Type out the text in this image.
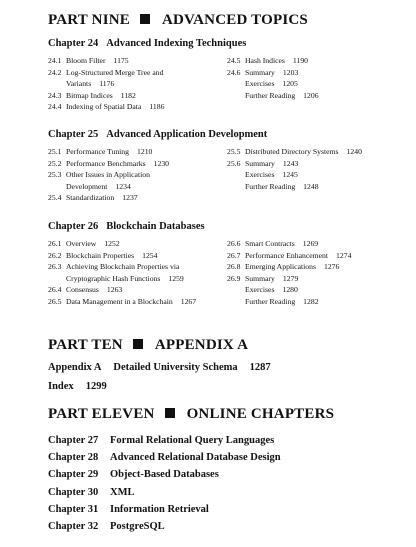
PART NINE ADVANCED TOPICS
Chapter 24 Advanced Indexing Techniques
24.1 Bloom Filter 1175
24.2 Log-Structured Merge Tree and
Variants 1176
24.3 Bitmap Indices 1182
24.4 Indexing of Spatial Data 1186
24.5 Hash Indices 1190
24.6 Summary 1203
Exercises 1205
Further Reading 1206
Chapter 25 Advanced Application Development
25.1 Performance Tuning 1210
25.2 Performance Benchmarks 1230
25.3 Other Issues in Application
Development 1234
25.4 Standardization 1237
25.5 Distributed Directory Systems 1240
25.6 Summary 1243
Exercises 1245
Further Reading 1248
Chapter 26 Blockchain Databases
26.1 Overview 1252
26.2 Blockchain Properties 1254
26.3 Achieving Blockchain Properties via
Cryptographic Hash Functions 1259
26.4 Consensus 1263
26.5 Data Management in a Blockchain 1267
26.6 Smart Contracts 1269
26.7 Performance Enhancement 1274
26.8 Emerging Applications 1276
26.9 Summary 1279
Exercises 1280
Further Reading 1282
PART TEN APPENDIX A

Appendix A Detailed University Schema 1287

Index 1299

PART ELEVEN ONLINE CHAPTERS
Chapter 27 Formal Relational Query Languages
Chapter 28 Advanced Relational Database Design
Chapter 29 Object-Based Databases
Chapter 30 XML
Chapter 31 Information Retrieval
Chapter 32 PostgreSQL
